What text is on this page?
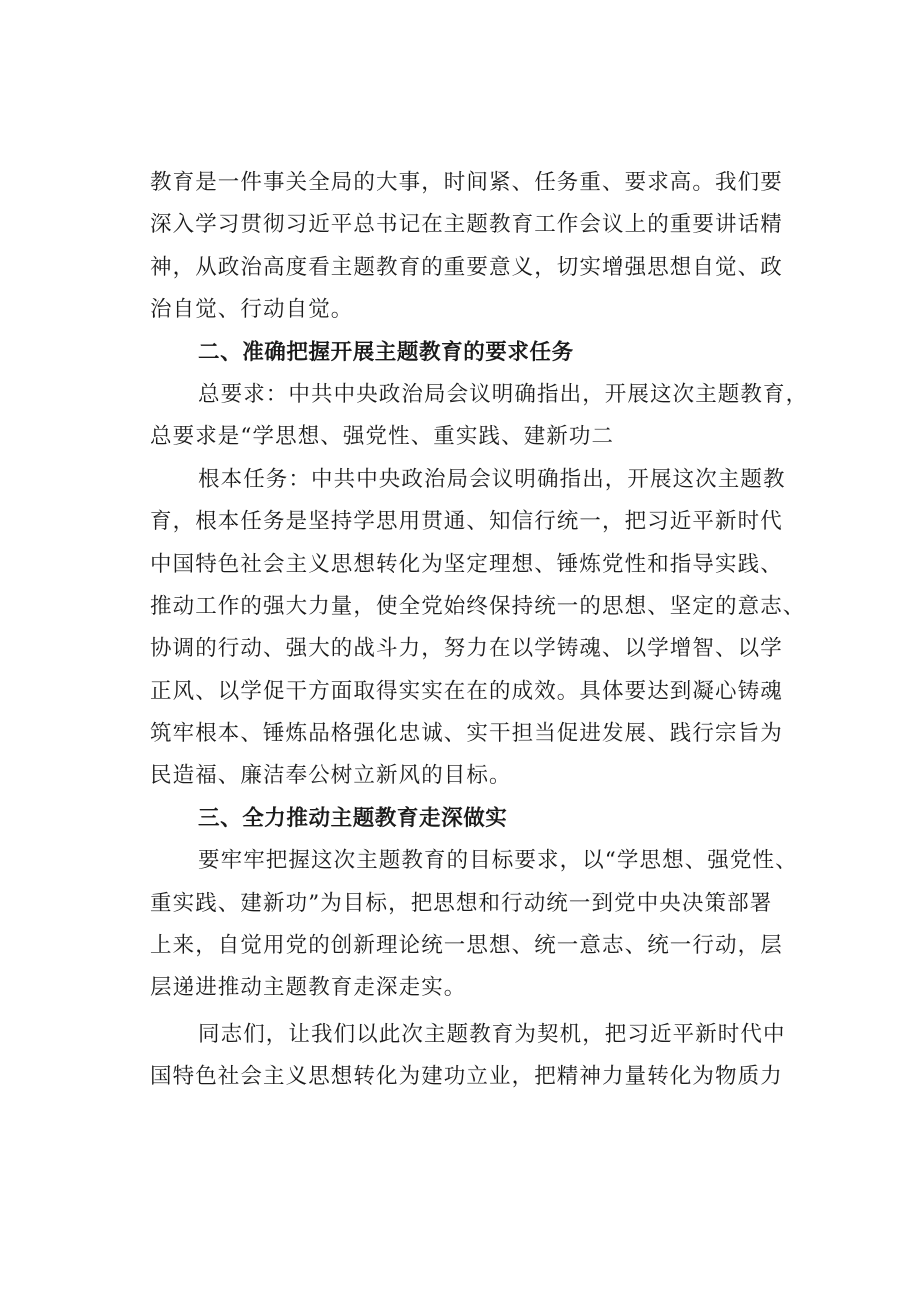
教育是一件事关全局的大事，时间紧、任务重、要求高。我们要
深入学习贯彻习近平总书记在主题教育工作会议上的重要讲话精
神，从政治高度看主题教育的重要意义，切实增强思想自觉、政
治自觉、行动自觉。
二、准确把握开展主题教育的要求任务
总要求：中共中央政治局会议明确指出，开展这次主题教育，
总要求是“学思想、强党性、重实践、建新功二
根本任务：中共中央政治局会议明确指出，开展这次主题教
育，根本任务是坚持学思用贯通、知信行统一，把习近平新时代
中国特色社会主义思想转化为坚定理想、锤炼党性和指导实践、
推动工作的强大力量，使全党始终保持统一的思想、坚定的意志、
协调的行动、强大的战斗力，努力在以学铸魂、以学增智、以学
正风、以学促干方面取得实实在在的成效。具体要达到凝心铸魂
筑牢根本、锤炼品格强化忠诚、实干担当促进发展、践行宗旨为
民造福、廉洁奉公树立新风的目标。
三、全力推动主题教育走深做实
要牢牢把握这次主题教育的目标要求，以“学思想、强党性、
重实践、建新功”为目标，把思想和行动统一到党中央决策部署
上来，自觉用党的创新理论统一思想、统一意志、统一行动，层
层递进推动主题教育走深走实。
同志们，让我们以此次主题教育为契机，把习近平新时代中
国特色社会主义思想转化为建功立业，把精神力量转化为物质力
